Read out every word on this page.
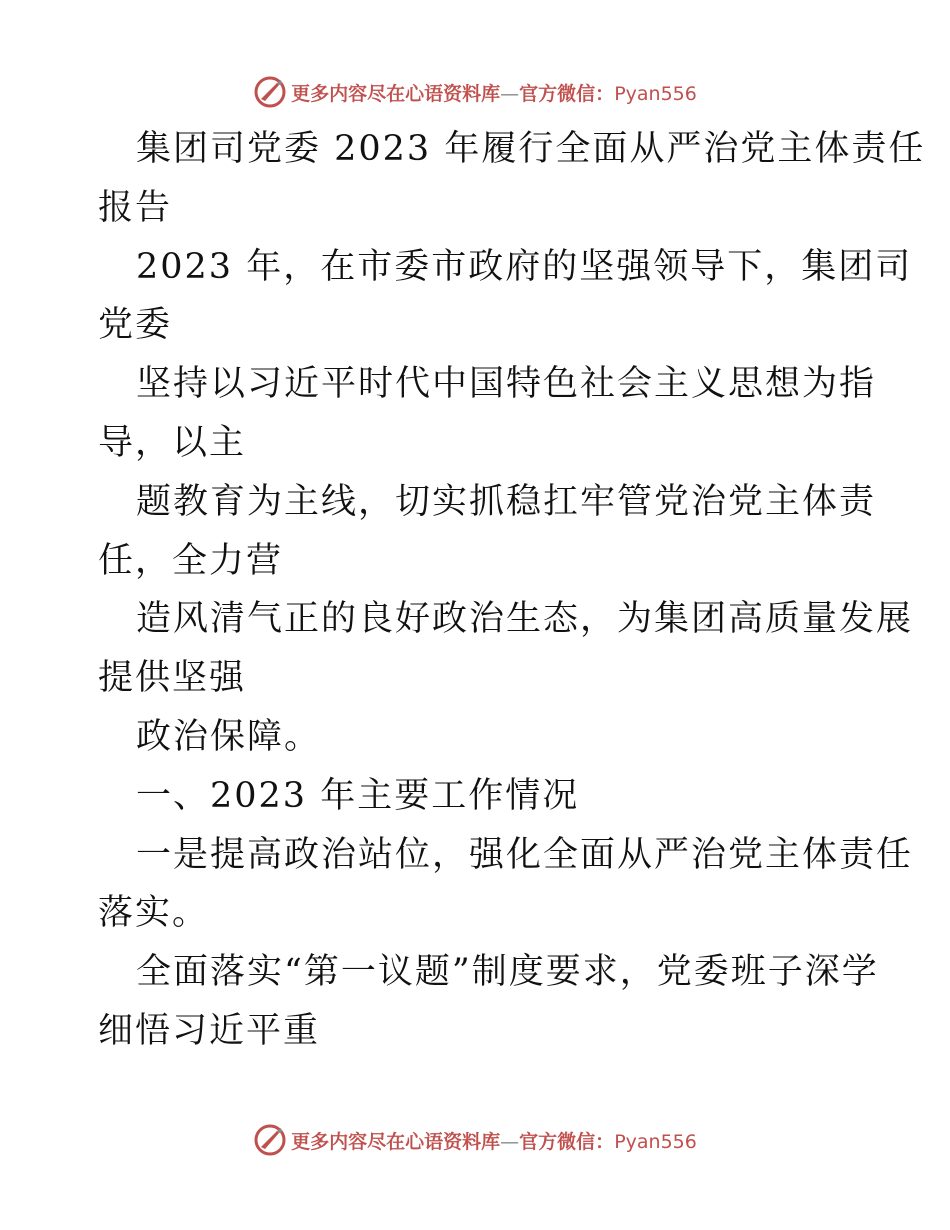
更多内容尽在心语资料库—官方微信：Pyan556
集团司党委 2023 年履行全面从严治党主体责任
报告
2023 年，在市委市政府的坚强领导下，集团司
党委
坚持以习近平时代中国特色社会主义思想为指
导，以主
题教育为主线，切实抓稳扛牢管党治党主体责
任，全力营
造风清气正的良好政治生态，为集团高质量发展
提供坚强
政治保障。
一、2023 年主要工作情况
一是提高政治站位，强化全面从严治党主体责任
落实。
全面落实“第一议题”制度要求，党委班子深学
细悟习近平重
更多内容尽在心语资料库—官方微信：Pyan556
